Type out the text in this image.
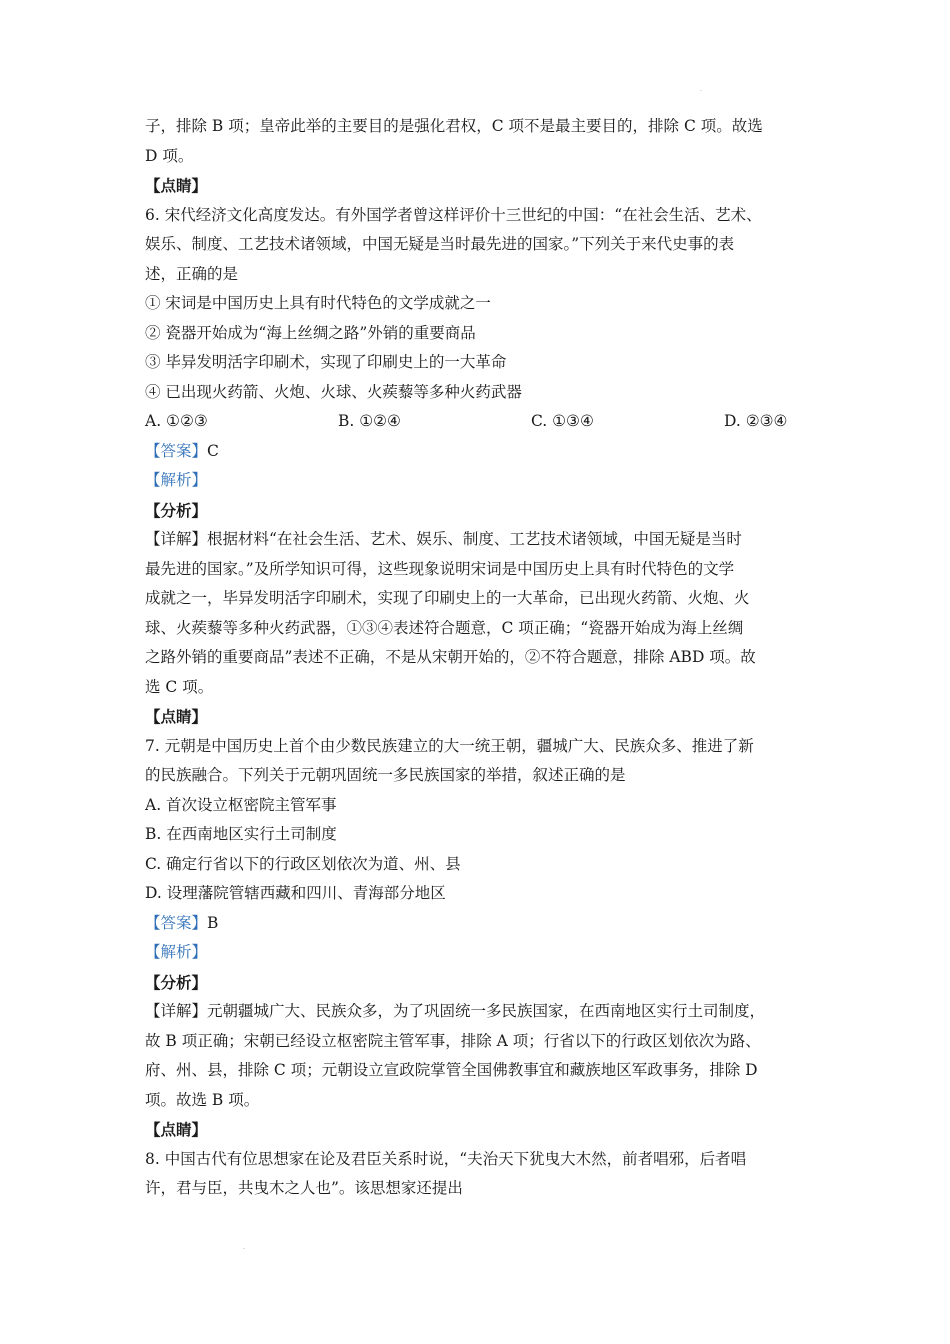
.
.
子，排除 B 项；皇帝此举的主要目的是强化君权，C 项不是最主要目的，排除 C 项。故选
D 项。
【点睛】
6. 宋代经济文化高度发达。有外国学者曾这样评价十三世纪的中国：“在社会生活、艺术、
娱乐、制度、工艺技术诸领域，中国无疑是当时最先进的国家。”下列关于来代史事的表
述，正确的是
① 宋词是中国历史上具有时代特色的文学成就之一
② 瓷器开始成为“海上丝绸之路”外销的重要商品
③ 毕异发明活字印刷术，实现了印刷史上的一大革命
④ 已出现火药箭、火炮、火球、火蒺藜等多种火药武器
A. ①②③	B. ①②④	C. ①③④	D. ②③④
【答案】C
【解析】
【分析】
【详解】根据材料“在社会生活、艺术、娱乐、制度、工艺技术诸领域，中国无疑是当时
最先进的国家。”及所学知识可得，这些现象说明宋词是中国历史上具有时代特色的文学
成就之一，毕异发明活字印刷术，实现了印刷史上的一大革命，已出现火药箭、火炮、火
球、火蒺藜等多种火药武器，①③④表述符合题意，C 项正确；“瓷器开始成为海上丝绸
之路外销的重要商品”表述不正确，不是从宋朝开始的，②不符合题意，排除 ABD 项。故
选 C 项。
【点睛】
7. 元朝是中国历史上首个由少数民族建立的大一统王朝，疆城广大、民族众多、推进了新
的民族融合。下列关于元朝巩固统一多民族国家的举措，叙述正确的是
A. 首次设立枢密院主管军事
B. 在西南地区实行土司制度
C. 确定行省以下的行政区划依次为道、州、县
D. 设理藩院管辖西藏和四川、青海部分地区
【答案】B
【解析】
【分析】
【详解】元朝疆城广大、民族众多，为了巩固统一多民族国家，在西南地区实行土司制度，
故 B 项正确；宋朝已经设立枢密院主管军事，排除 A 项；行省以下的行政区划依次为路、
府、州、县，排除 C 项；元朝设立宣政院掌管全国佛教事宜和藏族地区军政事务，排除 D
项。故选 B 项。
【点睛】
8. 中国古代有位思想家在论及君臣关系时说，“夫治天下犹曳大木然，前者唱邪，后者唱
许，君与臣，共曳木之人也”。该思想家还提出
